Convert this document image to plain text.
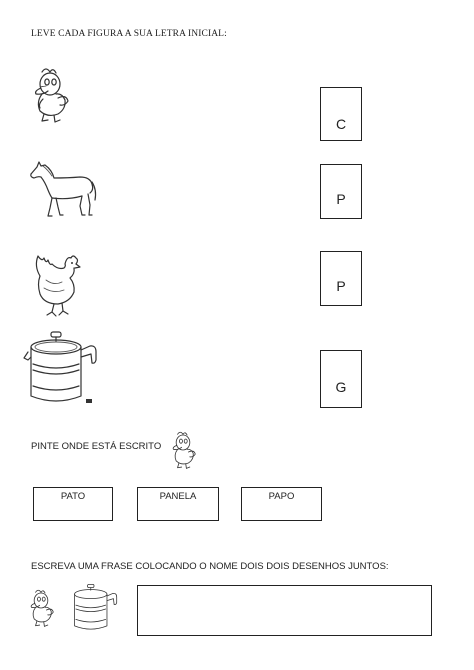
LEVE CADA FIGURA A SUA LETRA INICIAL:
C
P
P
G
PINTE ONDE ESTÁ ESCRITO
PATO	PANELA	PAPO
ESCREVA UMA FRASE COLOCANDO O NOME DOIS DOIS DESENHOS JUNTOS:
